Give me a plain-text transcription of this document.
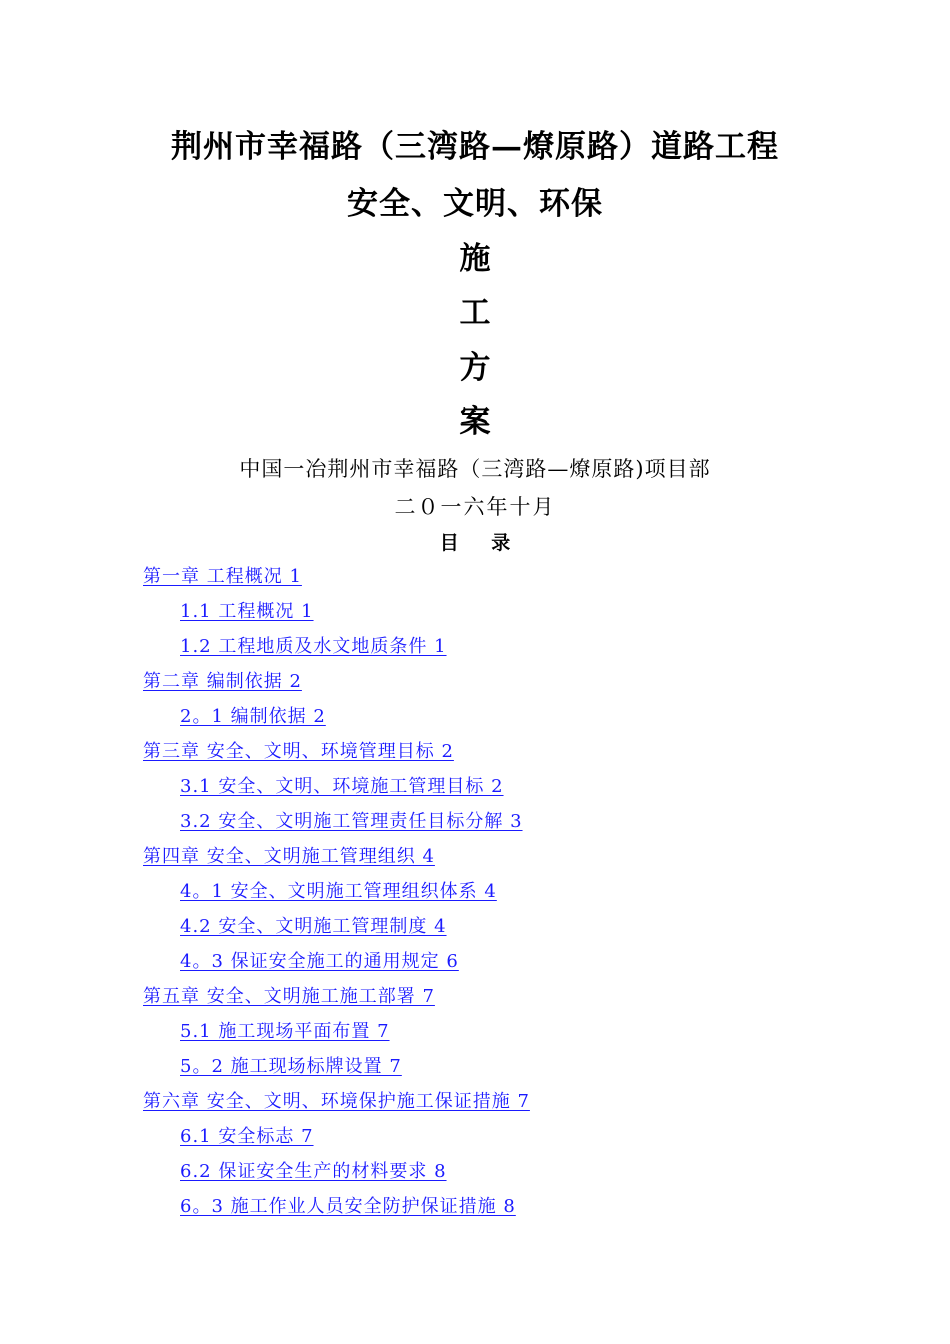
荆州市幸福路（三湾路—燎原路）道路工程
安全、文明、环保
施
工
方
案
中国一冶荆州市幸福路（三湾路—燎原路)项目部
二０一六年十月
目 录
第一章 工程概况 1
1.1 工程概况 1
1.2 工程地质及水文地质条件 1
第二章 编制依据 2
2。1 编制依据 2
第三章 安全、文明、环境管理目标 2
3.1 安全、文明、环境施工管理目标 2
3.2 安全、文明施工管理责任目标分解 3
第四章 安全、文明施工管理组织 4
4。1 安全、文明施工管理组织体系 4
4.2 安全、文明施工管理制度 4
4。3 保证安全施工的通用规定 6
第五章 安全、文明施工施工部署 7
5.1 施工现场平面布置 7
5。2 施工现场标牌设置 7
第六章 安全、文明、环境保护施工保证措施 7
6.1 安全标志 7
6.2 保证安全生产的材料要求 8
6。3 施工作业人员安全防护保证措施 8
